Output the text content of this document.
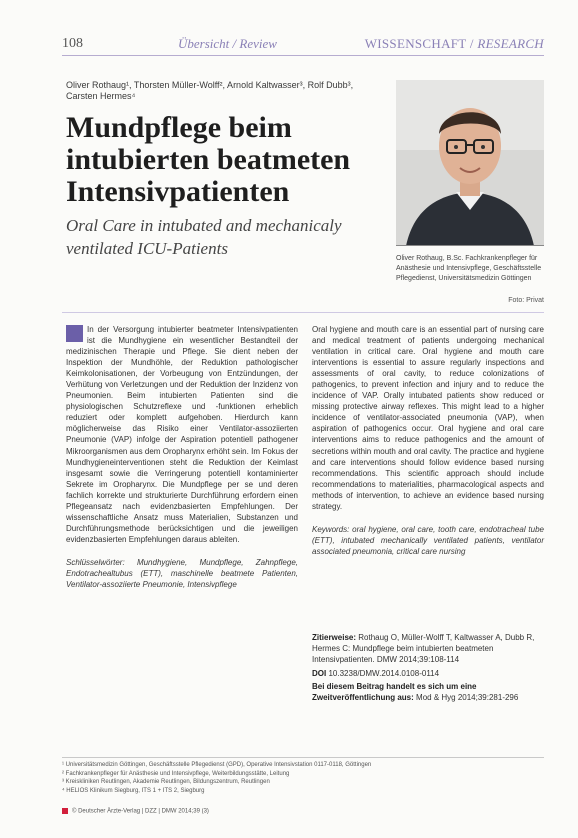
108	Übersicht / Review	WISSENSCHAFT / RESEARCH
Oliver Rothaug¹, Thorsten Müller-Wolff², Arnold Kaltwasser³, Rolf Dubb³, Carsten Hermes⁴
Mundpflege beim intubierten beatmeten Intensivpatienten
Oral Care in intubated and mechanicaly ventilated ICU-Patients
Oliver Rothaug, B.Sc. Fachkrankenpfleger für Anästhesie und Intensivpflege, Geschäftsstelle Pflegedienst, Universitätsmedizin Göttingen
Foto: Privat

In der Versorgung intubierter beatmeter Intensivpatienten ist die Mundhygiene ein wesentlicher Bestandteil der medizinischen Therapie und Pflege. Sie dient neben der Inspektion der Mundhöhle, der Reduktion pathologischer Keimkolonisationen, der Vorbeugung von Entzündungen, der Verhütung von Verletzungen und der Reduktion der Inzidenz von Pneumonien. Beim intubierten Patienten sind die physiologischen Schutzreflexe und -funktionen erheblich reduziert oder komplett aufgehoben. Hierdurch kann möglicherweise das Risiko einer Ventilator-assoziierten Pneumonie (VAP) infolge der Aspiration potentiell pathogener Mikroorganismen aus dem Oropharynx erhöht sein. Im Fokus der Mundhygieneinterventionen steht die Reduktion der Keimlast insgesamt sowie die Verringerung potentiell kontaminierter Sekrete im Oropharynx. Die Mundpflege per se und deren fachlich korrekte und strukturierte Durchführung erfordern einen Pflegeansatz nach evidenzbasierten Empfehlungen. Der wissenschaftliche Ansatz muss Materialien, Substanzen und Durchführungsmethode berücksichtigen und die jeweiligen evidenzbasierten Empfehlungen daraus ableiten.

Schlüsselwörter: Mundhygiene, Mundpflege, Zahnpflege, Endotrachealtubus (ETT), maschinelle beatmete Patienten, Ventilator-assoziierte Pneumonie, Intensivpflege

Oral hygiene and mouth care is an essential part of nursing care and medical treatment of patients undergoing mechanical ventilation in critical care. Oral hygiene and mouth care interventions is essential to assure regularly inspections and assessments of oral cavity, to reduce colonizations of pathogenics, to prevent infection and injury and to reduce the incidence of VAP. Orally intubated patients show reduced or missing protective airway reflexes. This might lead to a higher incidence of ventilator-associated pneumonia (VAP), when aspiration of pathogenics occur. Oral hygiene and oral care interventions aims to reduce pathogenics and the amount of secretions within mouth and oral cavity. The practice and hygiene and care interventions should follow evidence based nursing recommendations. This scientific approach should include recommendations to materialities, pharmacological aspects and methods of intervention, to achieve an evidence based nursing strategy.

Keywords: oral hygiene, oral care, tooth care, endotracheal tube (ETT), intubated mechanically ventilated patients, ventilator associated pneumonia, critical care nursing

Zitierweise: Rothaug O, Müller-Wolff T, Kaltwasser A, Dubb R, Hermes C: Mundpflege beim intubierten beatmeten Intensivpatienten. DMW 2014;39:108-114

DOI 10.3238/DMW.2014.0108-0114

Bei diesem Beitrag handelt es sich um eine Zweitveröffentlichung aus: Mod & Hyg 2014;39:281-296

¹ Universitätsmedizin Göttingen, Geschäftsstelle Pflegedienst (GPD), Operative Intensivstation 0117-0118, Göttingen
² Fachkrankenpfleger für Anästhesie und Intensivpflege, Weiterbildungsstätte, Leitung
³ Kreiskliniken Reutlingen, Akademie Reutlingen, Bildungszentrum, Reutlingen
⁴ HELIOS Klinikum Siegburg, ITS 1 + ITS 2, Siegburg
© Deutscher Ärzte-Verlag | DZZ | DMW 2014;39 (3)
